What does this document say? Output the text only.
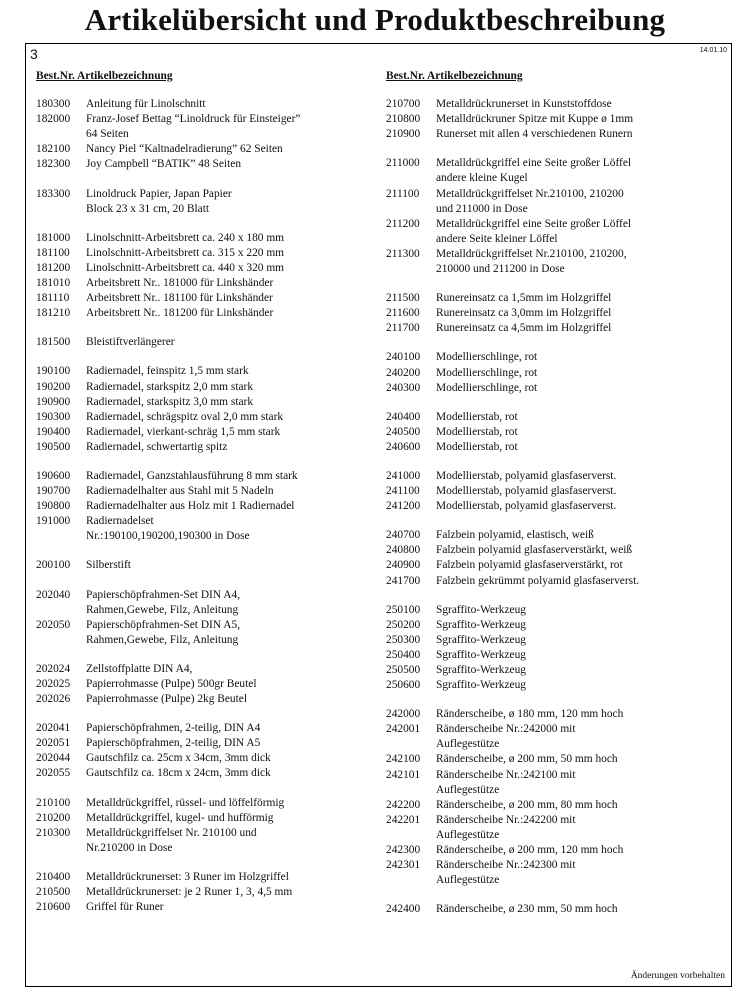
Artikelübersicht und Produktbeschreibung
3	14.01.10
Best.Nr. Artikelbezeichnung
180300	Anleitung für Linolschnitt
182000	Franz-Josef Bettag “Linoldruck für Einsteiger”
64 Seiten
182100	Nancy Piel “Kaltnadelradierung” 62 Seiten
182300	Joy Campbell “BATIK” 48 Seiten
183300	Linoldruck Papier, Japan Papier
Block 23 x 31 cm, 20 Blatt
181000	Linolschnitt-Arbeitsbrett ca. 240 x 180 mm
181100	Linolschnitt-Arbeitsbrett ca. 315 x 220 mm
181200	Linolschnitt-Arbeitsbrett ca. 440 x 320 mm
181010	Arbeitsbrett Nr.. 181000 für Linkshänder
181110	Arbeitsbrett Nr.. 181100 für Linkshänder
181210	Arbeitsbrett Nr.. 181200 für Linkshänder
181500	Bleistiftverlängerer
190100	Radiernadel, feinspitz 1,5 mm stark
190200	Radiernadel, starkspitz 2,0 mm stark
190900	Radiernadel, starkspitz 3,0 mm stark
190300	Radiernadel, schrägspitz oval 2,0 mm stark
190400	Radiernadel, vierkant-schräg 1,5 mm stark
190500	Radiernadel, schwertartig spitz
190600	Radiernadel, Ganzstahlausführung 8 mm stark
190700	Radiernadelhalter aus Stahl mit 5 Nadeln
190800	Radiernadelhalter aus Holz mit 1 Radiernadel
191000	Radiernadelset
Nr.:190100,190200,190300 in Dose
200100	Silberstift
202040	Papierschöpfrahmen-Set DIN A4,
Rahmen,Gewebe, Filz, Anleitung
202050	Papierschöpfrahmen-Set DIN A5,
Rahmen,Gewebe, Filz, Anleitung
202024	Zellstoffplatte DIN A4,
202025	Papierrohmasse (Pulpe) 500gr Beutel
202026	Papierrohmasse (Pulpe) 2kg Beutel
202041	Papierschöpfrahmen, 2-teilig, DIN A4
202051	Papierschöpfrahmen, 2-teilig, DIN A5
202044	Gautschfilz ca. 25cm x 34cm, 3mm dick
202055	Gautschfilz ca. 18cm x 24cm, 3mm dick
210100	Metalldrückgriffel, rüssel- und löffelförmig
210200	Metalldrückgriffel, kugel- und hufförmig
210300	Metalldrückgriffelset Nr. 210100 und
Nr.210200 in Dose
210400	Metalldrückrunerset: 3 Runer im Holzgriffel
210500	Metalldrückrunerset: je 2 Runer 1, 3, 4,5 mm
210600	Griffel für Runer
Best.Nr. Artikelbezeichnung
210700	Metalldrückrunerset in Kunststoffdose
210800	Metalldrückruner Spitze mit Kuppe ø 1mm
210900	Runerset mit allen 4 verschiedenen Runern
211000	Metalldrückgriffel eine Seite großer Löffel
andere kleine Kugel
211100	Metalldrückgriffelset Nr.210100, 210200
und 211000 in Dose
211200	Metalldrückgriffel eine Seite großer Löffel
andere Seite kleiner Löffel
211300	Metalldrückgriffelset Nr.210100, 210200,
210000 und 211200 in Dose
211500	Runereinsatz ca 1,5mm im Holzgriffel
211600	Runereinsatz ca 3,0mm im Holzgriffel
211700	Runereinsatz ca 4,5mm im Holzgriffel
240100	Modellierschlinge, rot
240200	Modellierschlinge, rot
240300	Modellierschlinge, rot
240400	Modellierstab, rot
240500	Modellierstab, rot
240600	Modellierstab, rot
241000	Modellierstab, polyamid glasfaserverst.
241100	Modellierstab, polyamid glasfaserverst.
241200	Modellierstab, polyamid glasfaserverst.
240700	Falzbein polyamid, elastisch, weiß
240800	Falzbein polyamid glasfaserverstärkt, weiß
240900	Falzbein polyamid glasfaserverstärkt, rot
241700	Falzbein gekrümmt polyamid glasfaserverst.
250100	Sgraffito-Werkzeug
250200	Sgraffito-Werkzeug
250300	Sgraffito-Werkzeug
250400	Sgraffito-Werkzeug
250500	Sgraffito-Werkzeug
250600	Sgraffito-Werkzeug
242000	Ränderscheibe, ø 180 mm, 120 mm hoch
242001	Ränderscheibe Nr.:242000 mit
Auflegestütze
242100	Ränderscheibe, ø 200 mm, 50 mm hoch
242101	Ränderscheibe Nr.:242100 mit
Auflegestütze
242200	Ränderscheibe, ø 200 mm, 80 mm hoch
242201	Ränderscheibe Nr.:242200 mit
Auflegestütze
242300	Ränderscheibe, ø 200 mm, 120 mm hoch
242301	Ränderscheibe Nr.:242300 mit
Auflegestütze
242400	Ränderscheibe, ø 230 mm, 50 mm hoch
Änderungen vorbehalten
